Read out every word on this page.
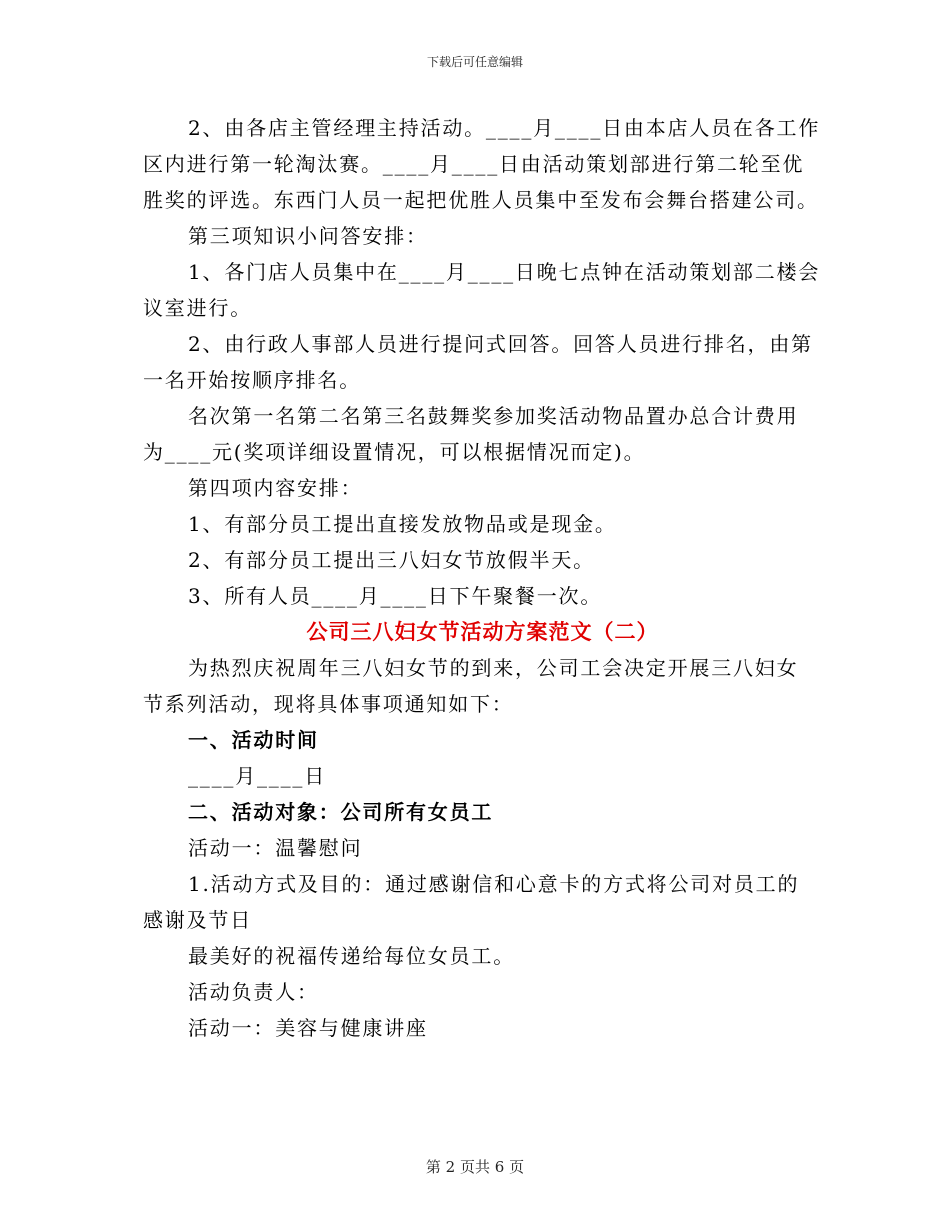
下载后可任意编辑
2、由各店主管经理主持活动。____月____日由本店人员在各工作
区内进行第一轮淘汰赛。____月____日由活动策划部进行第二轮至优
胜奖的评选。东西门人员一起把优胜人员集中至发布会舞台搭建公司。
第三项知识小问答安排：
1、各门店人员集中在____月____日晚七点钟在活动策划部二楼会
议室进行。
2、由行政人事部人员进行提问式回答。回答人员进行排名，由第
一名开始按顺序排名。
名次第一名第二名第三名鼓舞奖参加奖活动物品置办总合计费用
为____元(奖项详细设置情况，可以根据情况而定)。
第四项内容安排：
1、有部分员工提出直接发放物品或是现金。
2、有部分员工提出三八妇女节放假半天。
3、所有人员____月____日下午聚餐一次。
公司三八妇女节活动方案范文（二）
为热烈庆祝周年三八妇女节的到来，公司工会决定开展三八妇女
节系列活动，现将具体事项通知如下：
一、活动时间
____月____日
二、活动对象：公司所有女员工
活动一：温馨慰问
1.活动方式及目的：通过感谢信和心意卡的方式将公司对员工的
感谢及节日
最美好的祝福传递给每位女员工。
活动负责人：
活动一：美容与健康讲座
第 2 页共 6 页
